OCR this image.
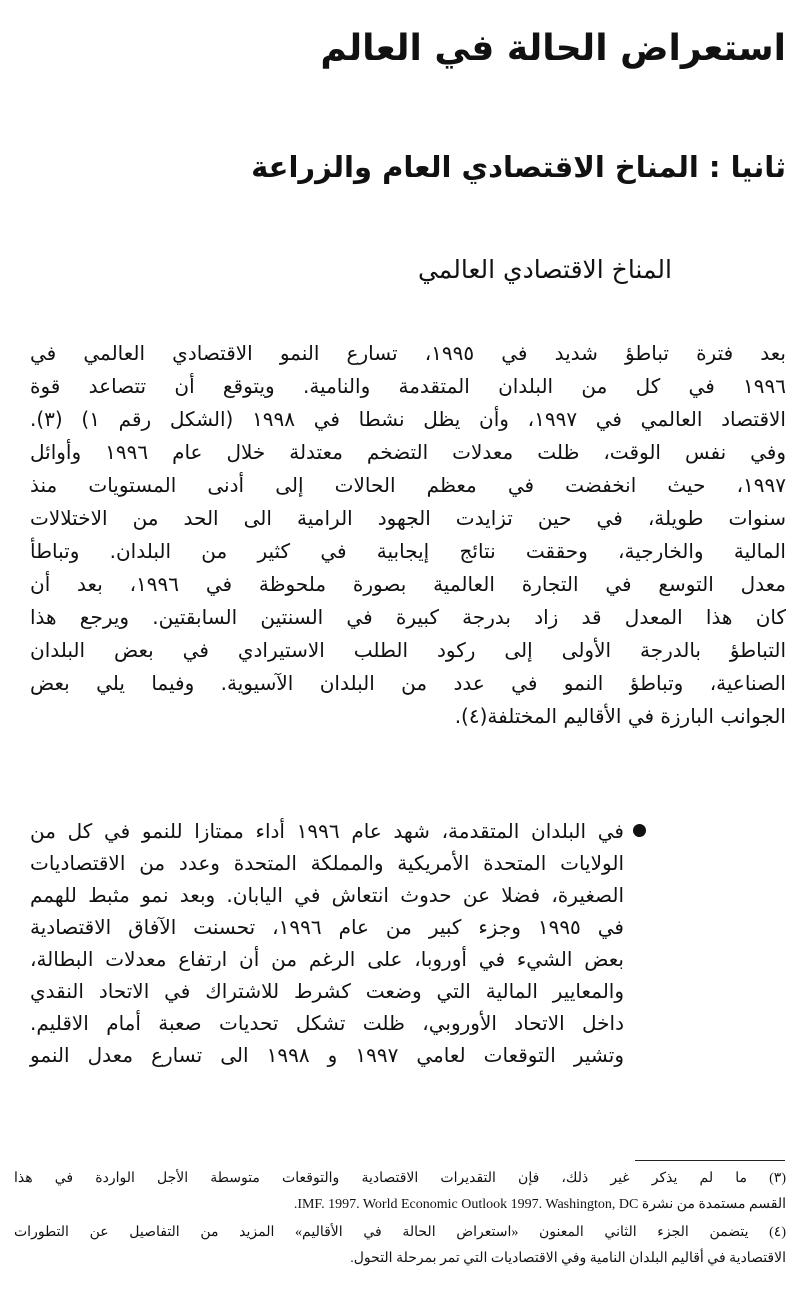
استعراض الحالة في العالم
ثانيا : المناخ الاقتصادي العام والزراعة
المناخ الاقتصادي العالمي
بعد فترة تباطؤ شديد في ١٩٩٥، تسارع النمو الاقتصادي العالمي في
١٩٩٦ في كل من البلدان المتقدمة والنامية. ويتوقع أن تتصاعد قوة
الاقتصاد العالمي في ١٩٩٧، وأن يظل نشطا في ١٩٩٨ (الشكل رقم ١) (٣).
وفي نفس الوقت، ظلت معدلات التضخم معتدلة خلال عام ١٩٩٦ وأوائل
١٩٩٧، حيث انخفضت في معظم الحالات إلى أدنى المستويات منذ
سنوات طويلة، في حين تزايدت الجهود الرامية الى الحد من الاختلالات
المالية والخارجية، وحققت نتائج إيجابية في كثير من البلدان. وتباطأ
معدل التوسع في التجارة العالمية بصورة ملحوظة في ١٩٩٦، بعد أن
كان هذا المعدل قد زاد بدرجة كبيرة في السنتين السابقتين. ويرجع هذا
التباطؤ بالدرجة الأولى إلى ركود الطلب الاستيرادي في بعض البلدان
الصناعية، وتباطؤ النمو في عدد من البلدان الآسيوية. وفيما يلي بعض
الجوانب البارزة في الأقاليم المختلفة(٤).
في البلدان المتقدمة، شهد عام ١٩٩٦ أداء ممتازا للنمو في كل من
الولايات المتحدة الأمريكية والمملكة المتحدة وعدد من الاقتصاديات
الصغيرة، فضلا عن حدوث انتعاش في اليابان. وبعد نمو مثبط للهمم
في ١٩٩٥ وجزء كبير من عام ١٩٩٦، تحسنت الآفاق الاقتصادية
بعض الشيء في أوروبا، على الرغم من أن ارتفاع معدلات البطالة،
والمعايير المالية التي وضعت كشرط للاشتراك في الاتحاد النقدي
داخل الاتحاد الأوروبي، ظلت تشكل تحديات صعبة أمام الاقليم.
وتشير التوقعات لعامي ١٩٩٧ و ١٩٩٨ الى تسارع معدل النمو
(٣) ما لم يذكر غير ذلك، فإن التقديرات الاقتصادية والتوقعات متوسطة الأجل الواردة في هذا
القسم مستمدة من نشرة IMF. 1997. World Economic Outlook 1997. Washington, DC.
(٤) يتضمن الجزء الثاني المعنون «استعراض الحالة في الأقاليم» المزيد من التفاصيل عن التطورات
الاقتصادية في أقاليم البلدان النامية وفي الاقتصاديات التي تمر بمرحلة التحول.
